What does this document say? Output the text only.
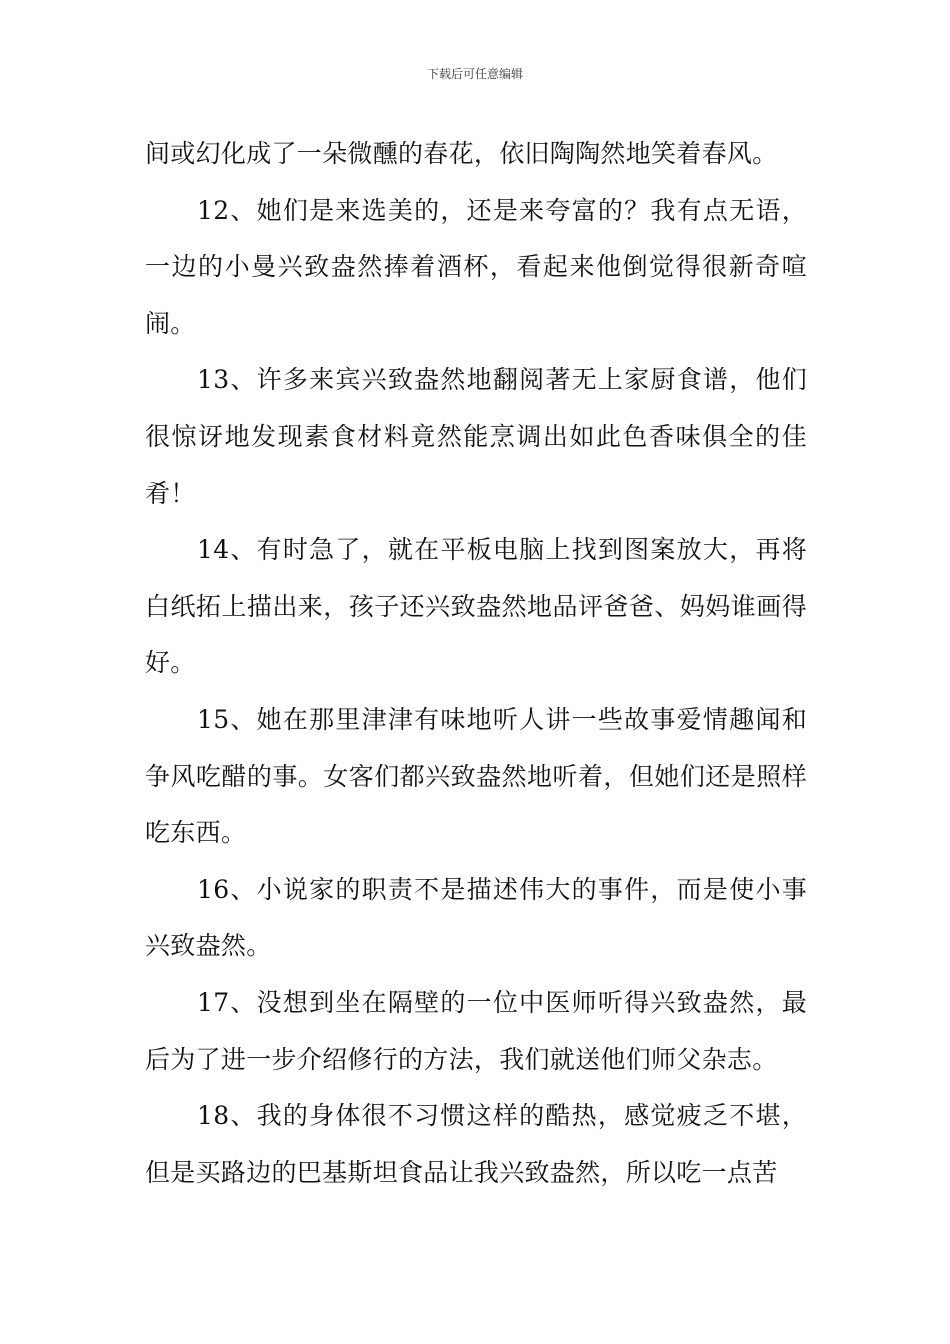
下载后可任意编辑

间或幻化成了一朵微醺的春花，依旧陶陶然地笑着春风。

12、她们是来选美的，还是来夸富的？我有点无语，一边的小曼兴致盎然捧着酒杯，看起来他倒觉得很新奇喧闹。

13、许多来宾兴致盎然地翻阅著无上家厨食谱，他们很惊讶地发现素食材料竟然能烹调出如此色香味俱全的佳肴！

14、有时急了，就在平板电脑上找到图案放大，再将白纸拓上描出来，孩子还兴致盎然地品评爸爸、妈妈谁画得好。

15、她在那里津津有味地听人讲一些故事爱情趣闻和争风吃醋的事。女客们都兴致盎然地听着，但她们还是照样吃东西。

16、小说家的职责不是描述伟大的事件，而是使小事兴致盎然。

17、没想到坐在隔壁的一位中医师听得兴致盎然，最后为了进一步介绍修行的方法，我们就送他们师父杂志。

18、我的身体很不习惯这样的酷热，感觉疲乏不堪，但是买路边的巴基斯坦食品让我兴致盎然，所以吃一点苦
